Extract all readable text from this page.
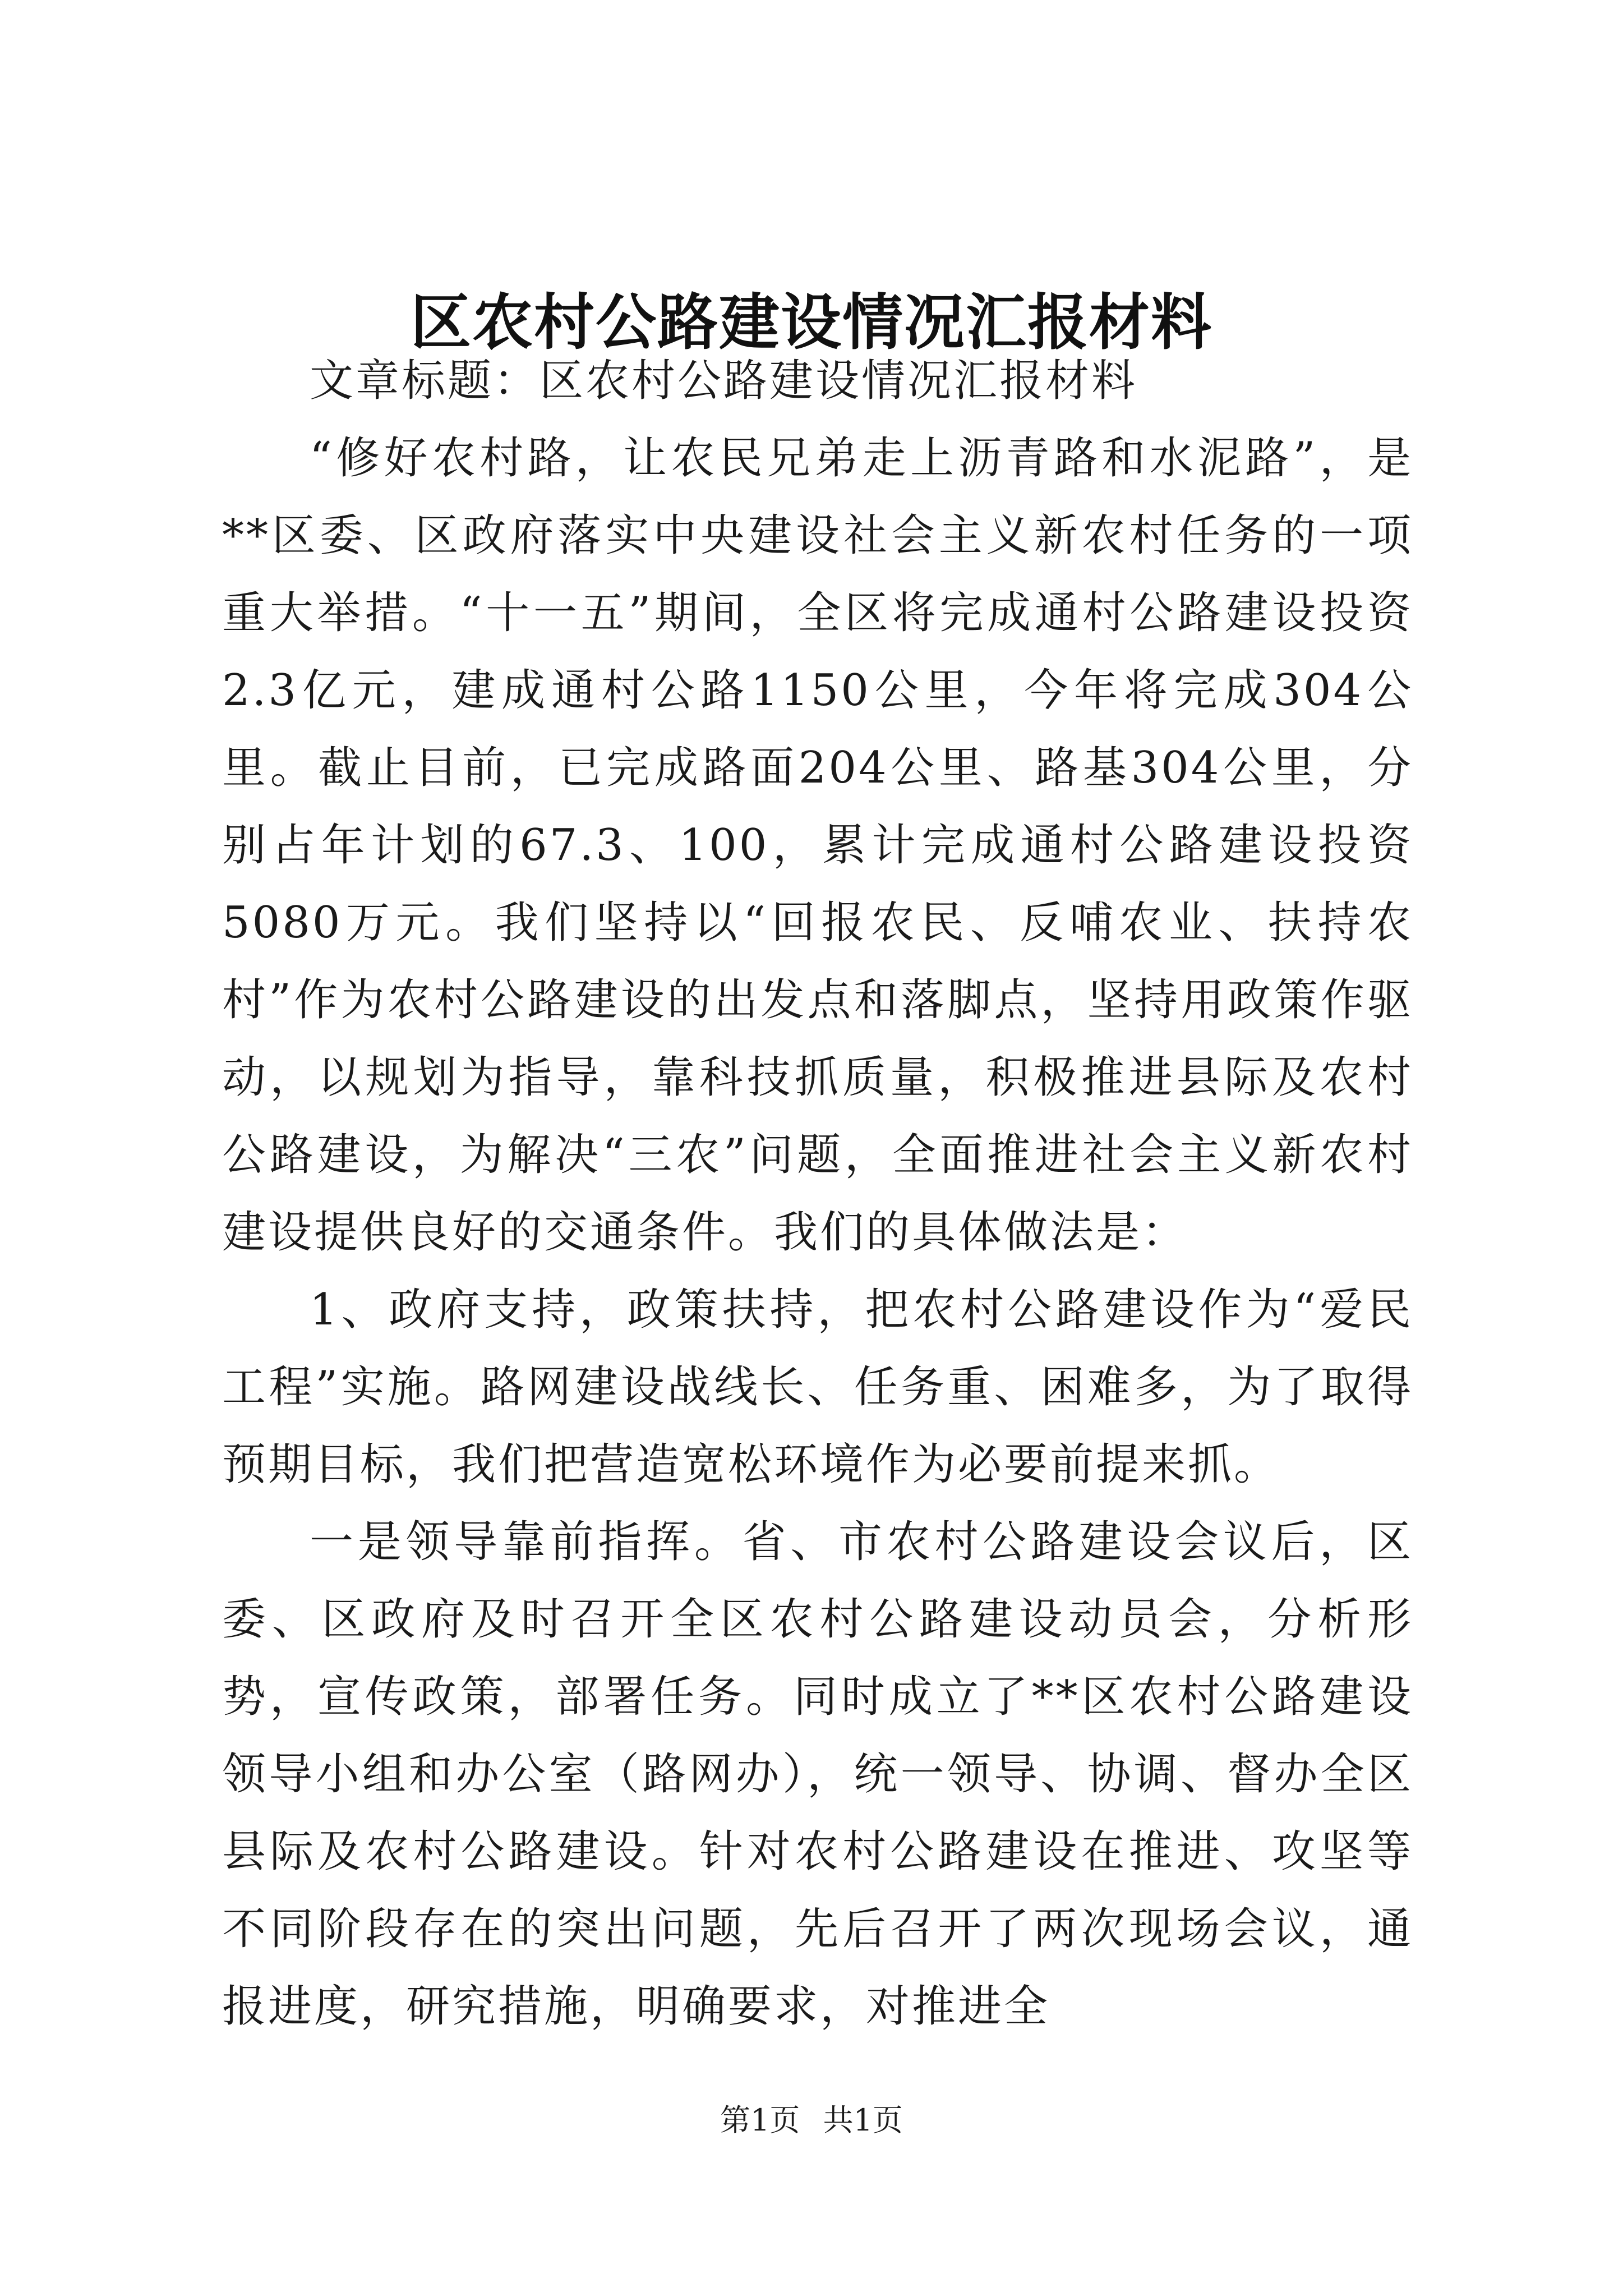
区农村公路建设情况汇报材料

文章标题：区农村公路建设情况汇报材料

“修好农村路，让农民兄弟走上沥青路和水泥路”，是**区委、区政府落实中央建设社会主义新农村任务的一项重大举措。“十一五”期间，全区将完成通村公路建设投资2.3亿元，建成通村公路1150公里，今年将完成304公里。截止目前，已完成路面204公里、路基304公里，分别占年计划的67.3、100，累计完成通村公路建设投资5080万元。我们坚持以“回报农民、反哺农业、扶持农村”作为农村公路建设的出发点和落脚点，坚持用政策作驱动，以规划为指导，靠科技抓质量，积极推进县际及农村公路建设，为解决“三农”问题，全面推进社会主义新农村建设提供良好的交通条件。我们的具体做法是：

1、政府支持，政策扶持，把农村公路建设作为“爱民工程”实施。路网建设战线长、任务重、困难多，为了取得预期目标，我们把营造宽松环境作为必要前提来抓。

一是领导靠前指挥。省、市农村公路建设会议后，区委、区政府及时召开全区农村公路建设动员会，分析形势，宣传政策，部署任务。同时成立了**区农村公路建设领导小组和办公室（路网办），统一领导、协调、督办全区县际及农村公路建设。针对农村公路建设在推进、攻坚等不同阶段存在的突出问题，先后召开了两次现场会议，通报进度，研究措施，明确要求，对推进全

第1页 共1页
